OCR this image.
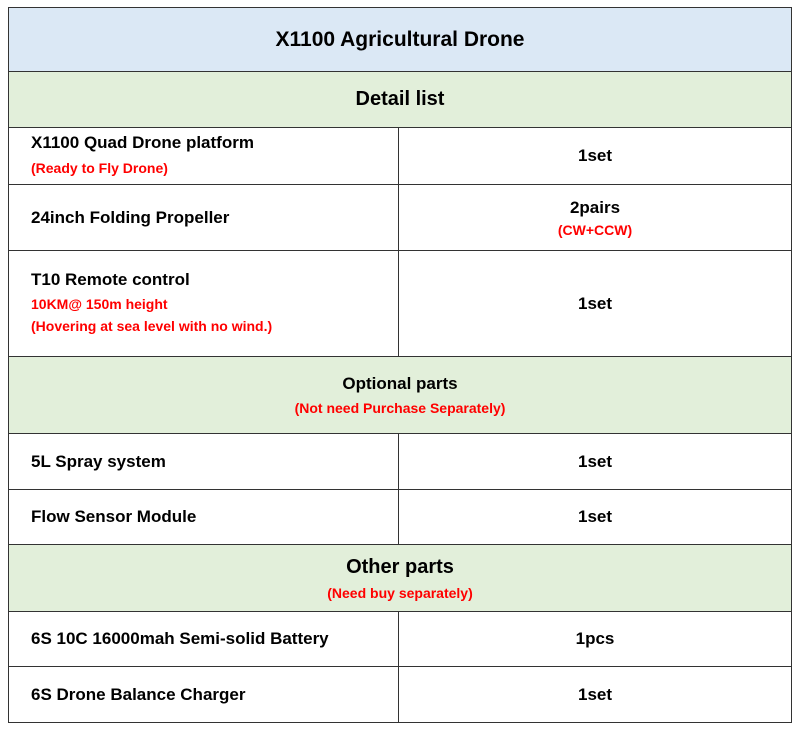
X1100 Agricultural Drone	

Detail list	

X1100 Quad Drone platform
(Ready to Fly Drone)	1set
24inch Folding Propeller	2pairs
(CW+CCW)

T10 Remote control
10KM@ 150m height
(Hovering at sea level with no wind.)	1set

Optional parts
(Not need Purchase Separately)	

5L Spray system	1set
Flow Sensor Module	1set

Other parts
(Need buy separately)	

6S 10C 16000mah Semi-solid Battery	1pcs
6S Drone Balance Charger	1set
